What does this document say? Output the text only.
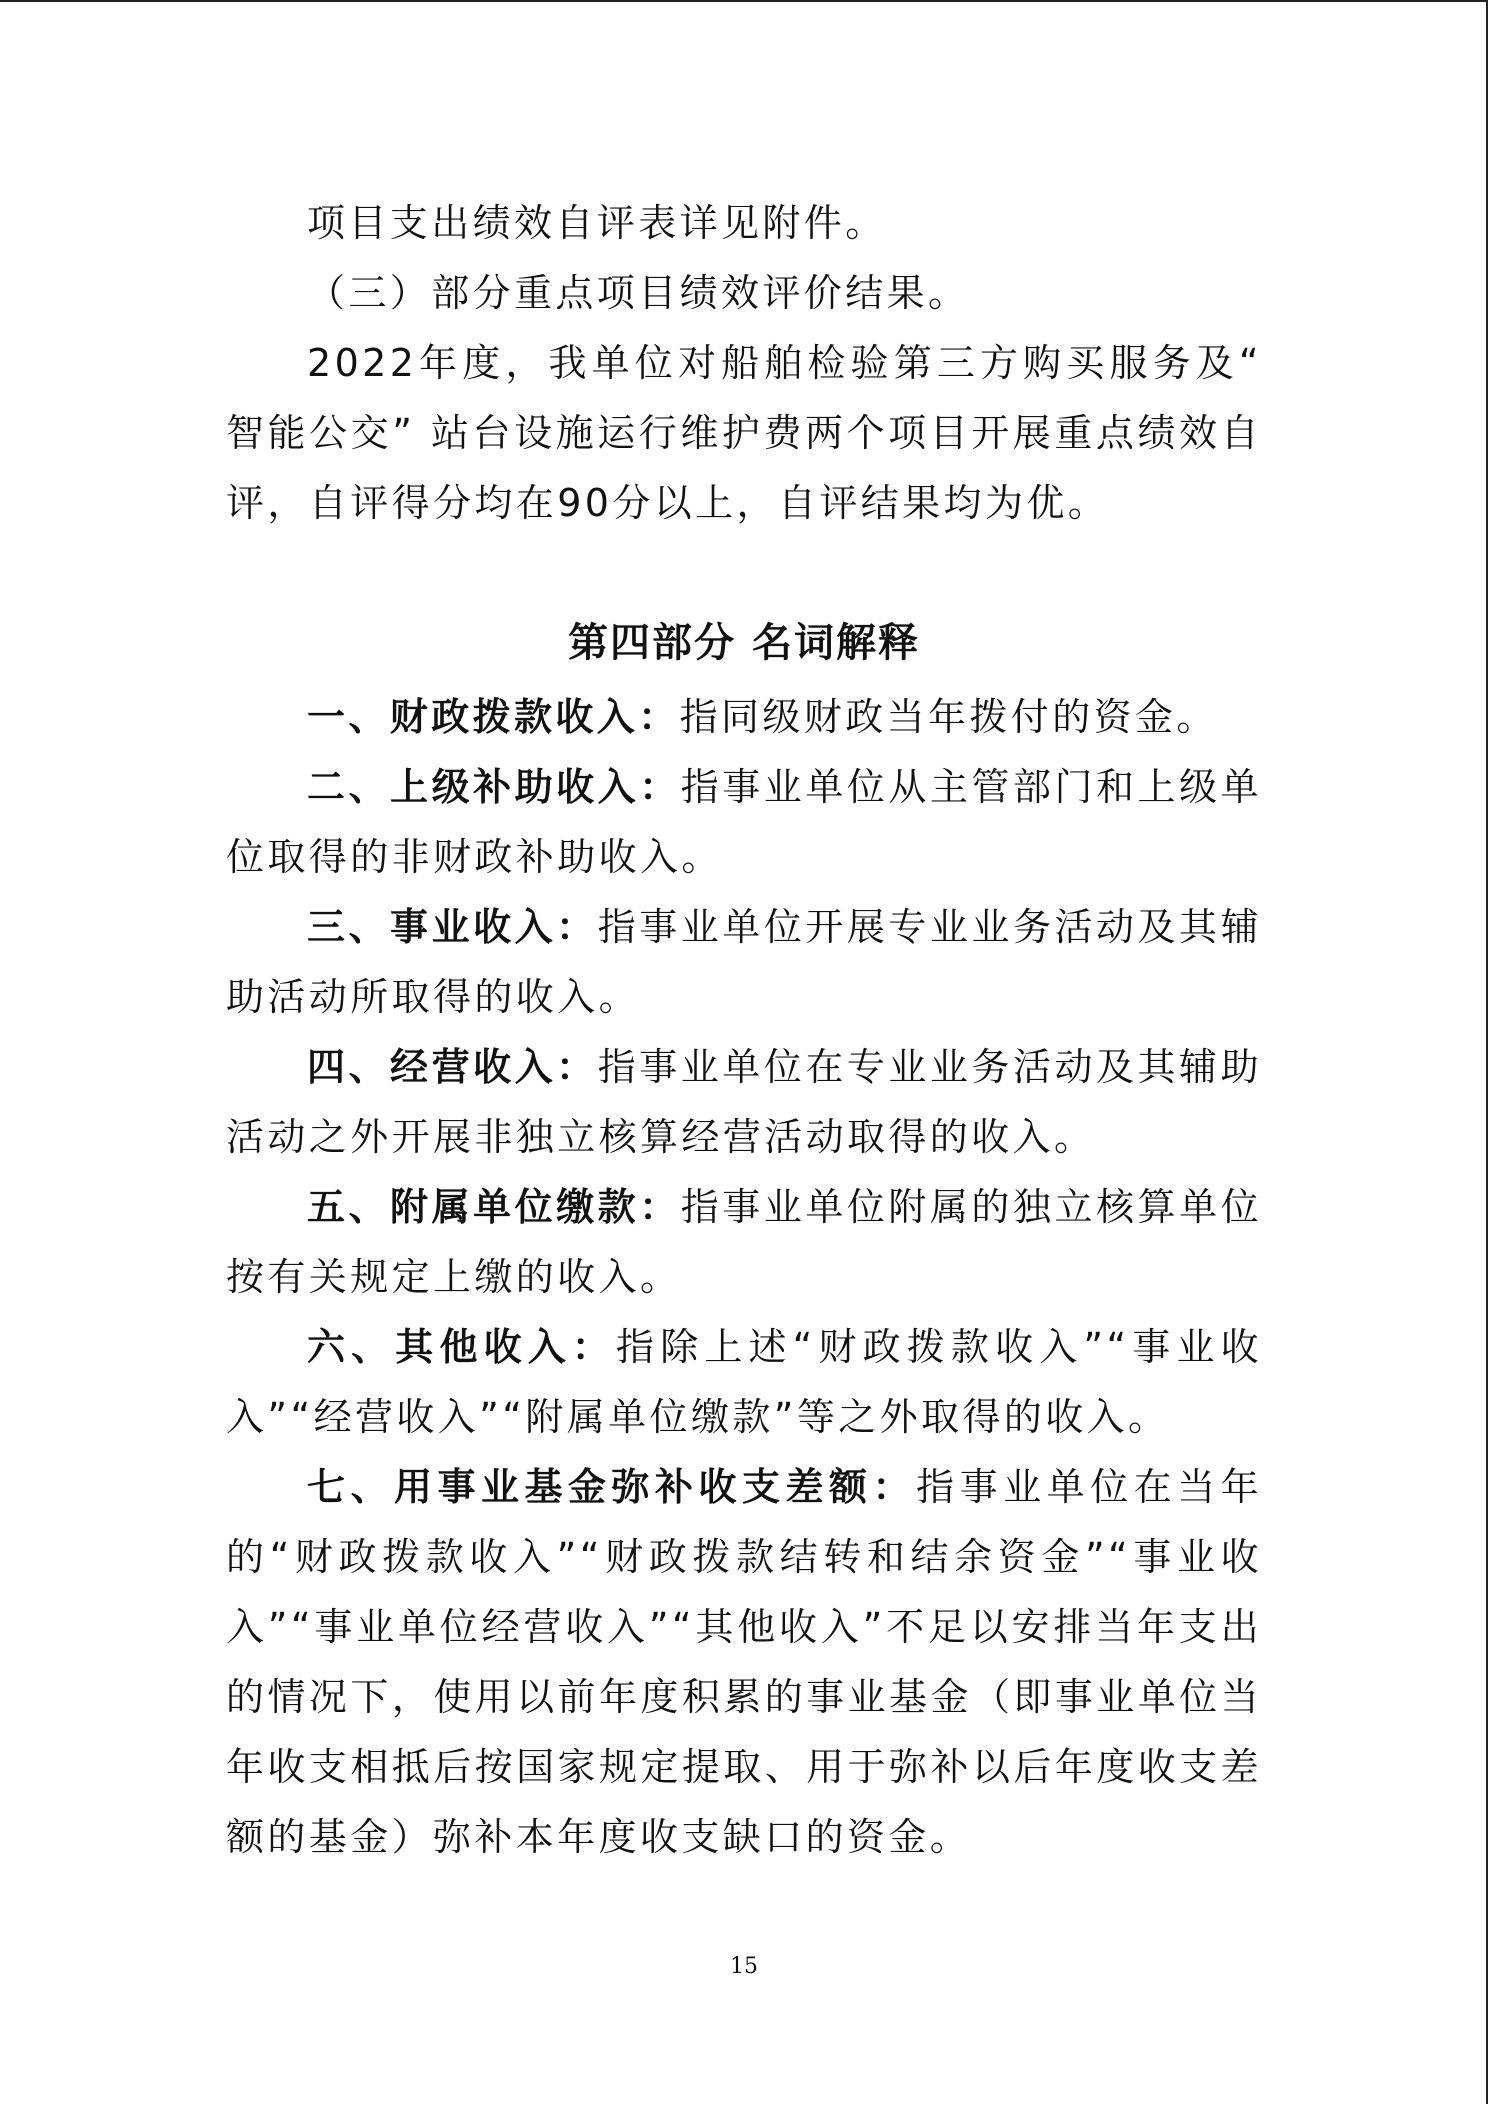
项目支出绩效自评表详见附件。

（三）部分重点项目绩效评价结果。

2022年度，我单位对船舶检验第三方购买服务及“ 智能公交” 站台设施运行维护费两个项目开展重点绩效自评，自评得分均在90分以上，自评结果均为优。

第四部分 名词解释

一、财政拨款收入：指同级财政当年拨付的资金。

二、上级补助收入：指事业单位从主管部门和上级单位取得的非财政补助收入。

三、事业收入：指事业单位开展专业业务活动及其辅助活动所取得的收入。

四、经营收入：指事业单位在专业业务活动及其辅助活动之外开展非独立核算经营活动取得的收入。

五、附属单位缴款：指事业单位附属的独立核算单位按有关规定上缴的收入。

六、其他收入：指除上述“财政拨款收入”“事业收入”“经营收入”“附属单位缴款”等之外取得的收入。

七、用事业基金弥补收支差额：指事业单位在当年的“财政拨款收入”“财政拨款结转和结余资金”“事业收入”“事业单位经营收入”“其他收入”不足以安排当年支出的情况下，使用以前年度积累的事业基金（即事业单位当年收支相抵后按国家规定提取、用于弥补以后年度收支差额的基金）弥补本年度收支缺口的资金。

15
